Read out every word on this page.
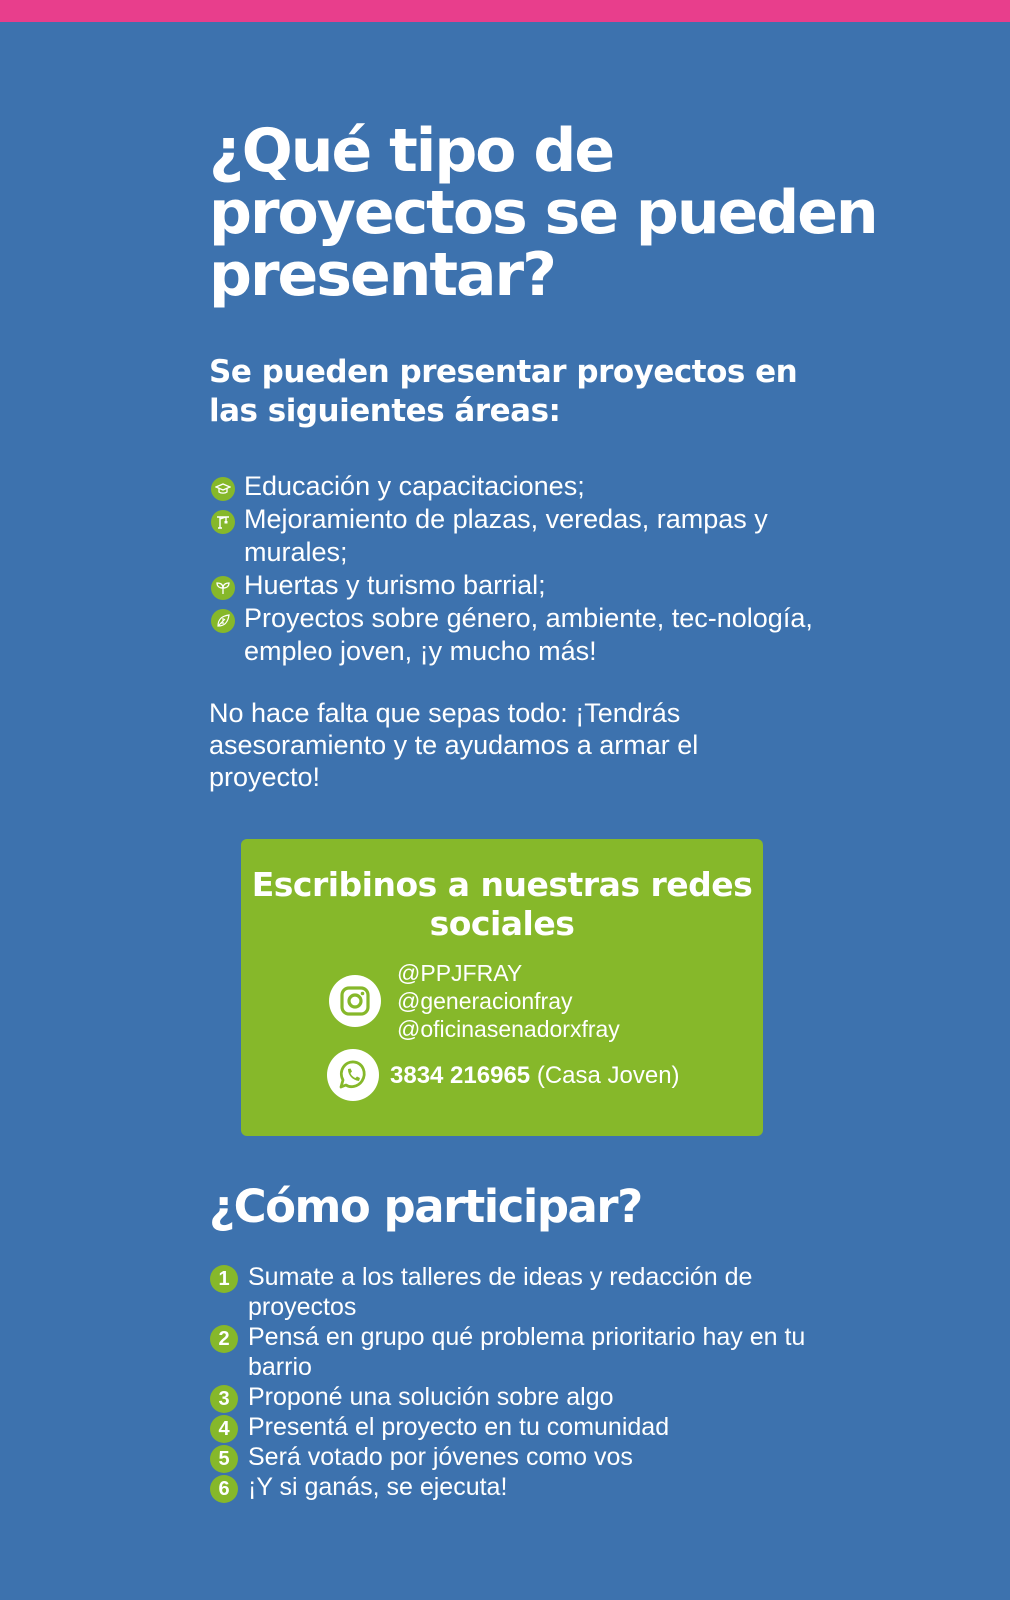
¿Qué tipo de proyectos se pueden presentar?
Se pueden presentar proyectos en las siguientes áreas:
Educación y capacitaciones;
Mejoramiento de plazas, veredas, rampas y murales;
Huertas y turismo barrial;
Proyectos sobre género, ambiente, tec-nología, empleo joven, ¡y mucho más!

No hace falta que sepas todo: ¡Tendrás asesoramiento y te ayudamos a armar el proyecto!

Escribinos a nuestras redes sociales
@PPJFRAY
@generacionfray
@oficinasenadorxfray
3834 216965 (Casa Joven)
¿Cómo participar?
1 Sumate a los talleres de ideas y redacción de proyectos
2 Pensá en grupo qué problema prioritario hay en tu barrio
3 Proponé una solución sobre algo
4 Presentá el proyecto en tu comunidad
5 Será votado por jóvenes como vos
6 ¡Y si ganás, se ejecuta!
